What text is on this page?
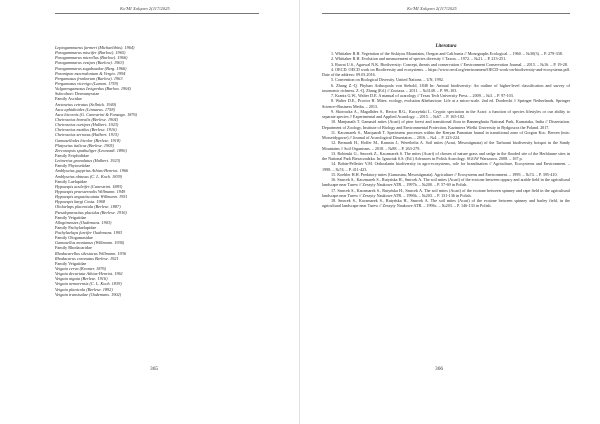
Ko'MI Xalqaro 2(117/2025
Leptogammarus farmeri (Michaelibits). 1964)
Paragammarus miscifer (Barlow). 1965)
Paragammarus micrellus (Barlow). 1966)
Paragammarus vesipes (Barlow). 1963)
Paragammarus zugaboadae (Berg. 1966)
Paranipon macrodontum & Vergio. 1994
Pergamasus fronkorum (Barlow). 1963
Pergamasus vicevigo (Laman. 1759)
Vulgaresgamasus Isvigerdus (Barlow. 1904)
Subcohort: Dermanyssiae
Family Ascidae
Arctoseius cetratus (Sellnick. 1940)
Asca aphidioides (Linnaeus. 1758)
Asca bicornis (G. Canestrini & Fanzago. 1876)
Cheiroseius borealis (Berlese. 1904)
Cheiroseius curtipes (Halbert. 1923)
Cheiroseius mutilus (Berlese. 1916)
Cheiroseius serratus (Halbert. 1915)
Gamasellodes bicolor (Berlese. 1918)
Platyseius italicus (Berlese. 1905)
Zerconopsis spathuliger (Leonardi. 1896)
Family Eviphididae
Leitnerius granulatus (Halbert. 1923)
Family Phytoseiidae
Amblyseius guyprius Athias-Henriot. 1966
Amblyseius obtusus (C. L. Koch. 1839)
Family Laelapidae
Hypoaspis aculeifer (Canestrini. 1883)
Hypoaspis praesternalis Willmann. 1949
Hypoaspis angustiscutata Willmann. 1951
Hypoaspis kargi Costa. 1968
Ololaelaps placentula (Berlese. 1887)
Pseudoparasitus placidus (Berlese. 1916)
Family Veigaiidae
Allogitmostes (Oudemans. 1903)
Family Pachylaelapidae
Pachylaelaps furcifer Oudemans. 1903
Family Ologamasidae
Gamasellus montanus (Willmann. 1936)
Family Rhodacaridae
Rhodacarellus silesiacus Willmann. 1936
Rhodacarus coronatus Berlese. 1921
Family Veigaiidae
Veigaia cerva (Kramer. 1876)
Veigaia decurtata Athias-Henriot. 1961
Veigaia nigata (Berlese. 1916)
Veigaia nemorensis (C. L. Koch. 1839)
Veigaia planicola (Berlese. 1892)
Veigaia transisalae (Oudemans. 1902)
365
Ko'MI Xalqaro 2(117/2025
Literatura
1. Whittaker R.H. Vegetation of the Siskiyou Mountains, Oregon and California // Monographs Ecological. – 1960. – №30(3). – P. 279-338.
2. Whittaker R.H. Evolution and measurement of species diversity // Taxon. – 1972. – №21. – P. 213-251.
3. Rawat U.S., Agarwal N.K. Biodiversity: Concept, threats and conservation // Environment Conservation Journal. – 2015. – №16. – P. 19-28.
4. OECD. OECD work on Biodiversity and ecosystems. – https://www.oecd.org/environment/OECD-work-on-biodiversity-and-ecosystems.pdf. Date of the address: 09.03.2016.
5. Convention on Biological Diversity. United Nations. – UN, 1992.
6. Zhang Z.-Q. Phylum Arthropoda von Siebold, 1848 In: Animal biodiversity: An outline of higher-level classification and survey of taxonomic richness. Z.-Q. Zhang (Ed.) // Zootaxa. – 2011. – №3148. – P. 99–103.
7. Krantz G.W., Walter D.E. A manual of acarology // Texas Tech University Press. – 2009. – №3. – P. 97-103.
8. Walter D.E., Proctor H. Mites: ecology, evolution &behaviour: Life at a micro-scale. 2nd ed. Dordrecht // Springer Netherlands, Springer Science+Business Media. – 2013.
9. Skorracka A., Magalhães S., Rector B.G., Kuczyński L. Cryptic speciation in the Acari: a function of species lifestyles or our ability to separate species // Experimental and Applied Acarology. – 2015. – №67. – P. 165-182.
10. Manjunath T. Gamasid mites (Acari) of pine forest and transitional flora in Bannerghatta National Park, Karnataka, India // Dissertation. Department of Zoology, Institute of Biology and Environmental Protection, Kazimierz Wielki University in Bydgoszcz the Poland. 2017.
11. Kaczmarek S., Marquardt T. Specimens processes within the Kenyan Panonian faunal in transitional zone of Gorgon Koc. Brecen (mix: Mosseidygorse) // Journal of Acarological Dissertaion. – 2016. – №4. – P. 223-224.
12. Bernardi H., Hoffer M., Kamsin J., Wereibelia A. Soil mites (Acari, Mesostigmata) of the Tarfarani biodiversity hotspot in the Sandy Mountains // Soil Organisms. – 2018. – №88. – P. 263-279.
13. Bobinski G., Smrcek Z., Kaczmarek S. The mites (Acari) of chosen of nature grass and sedge in the flooded site of the Herbfaune sites in the National Park Bieszczadzka. In: Ignaciuk S.S. (Ed.) Advances in Polish Acarology. SGGW Warszawa. 2008. – 167 p.
14. Bobin-Pelletier V.M. Orthoalanin biodiversity in agro-ecosystems, role for brandisation // Agriculture, Ecosystems and Environment. – 1998. – №74. – P. 411-423.
15. Koehler H.H. Predatory mites (Gamasina, Mesostigmata). Agriculture // Ecosystems and Environment. – 1999. – №74. – P. 395-410.
16. Smrcek S., Kaczmarek S., Rutyńska H., Smrcek A. The soil mites (Acari) of the ecotone between oppacy and arable field in the agricultural landscape near Turew // Zeszyty Naukowe ATR. – 1997b. – №200. – P. 57-69 in Polish.
17. Smrcek S., Kaczmarek S., Rutyńska H., Smrcek A. The soil mites (Acari) of the ecotone between spinney and rape field in the agricultural landscape near Turew // Zeszyty Naukowe ATR. – 1996b. – №203. – P. 131-136 in Polish.
18. Smrcek S., Kaczmarek S., Rutyńska H., Smrcek A. The soil mites (Acari) of the ecotone between spinney and barley field, in the agricultural landscape near Turew // Zeszyty Naukowe ATR. – 1996c. – №203. – P. 146-133 in Polish.
366
